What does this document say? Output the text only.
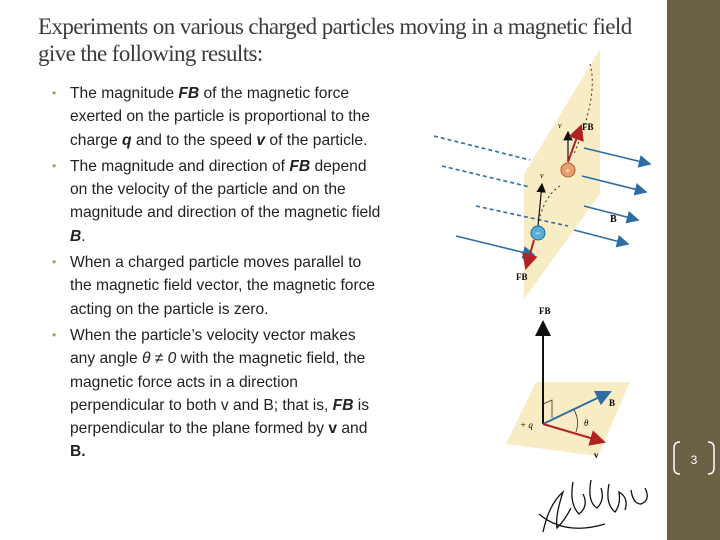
Experiments on various charged particles moving in a magnetic field give the following results:
• The magnitude FB of the magnetic force exerted on the particle is proportional to the charge q and to the speed v of the particle.
• The magnitude and direction of FB depend on the velocity of the particle and on the magnitude and direction of the magnetic field B.
• When a charged particle moves parallel to the magnetic field vector, the magnetic force acting on the particle is zero.
• When the particle’s velocity vector makes any angle θ ≠ 0 with the magnetic field, the magnetic force acts in a direction perpendicular to both v and B; that is, FB is perpendicular to the plane formed by v and B.
v FB
+
v
−
FB
B
FB
B
v
θ
+ q
3
